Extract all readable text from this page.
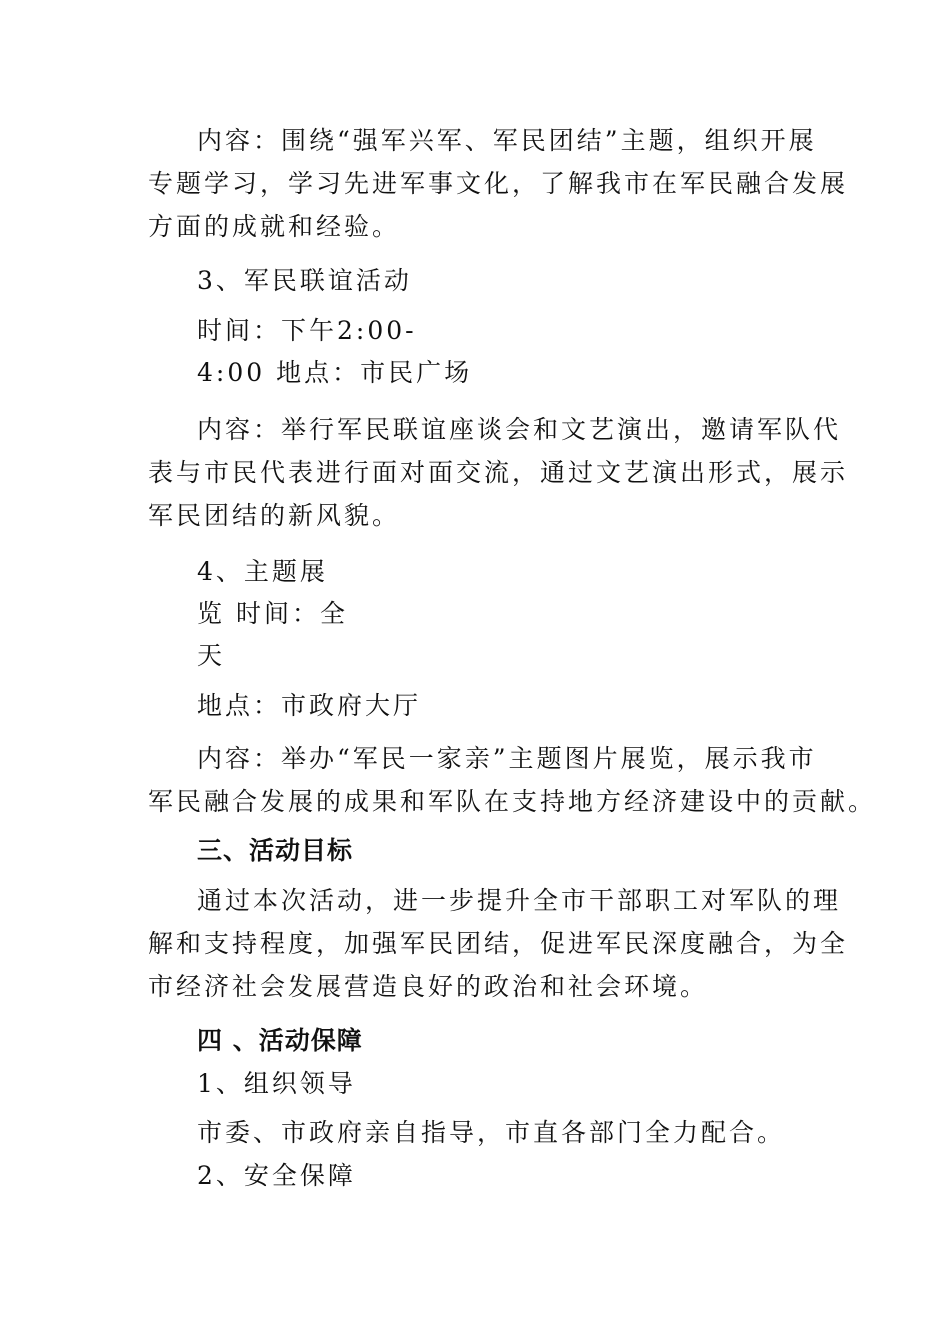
内容：围绕“强军兴军、军民团结”主题，组织开展
专题学习，学习先进军事文化，了解我市在军民融合发展
方面的成就和经验。
3、军民联谊活动
时间：下午2:00-
4:00 地点：市民广场
内容：举行军民联谊座谈会和文艺演出，邀请军队代
表与市民代表进行面对面交流，通过文艺演出形式，展示
军民团结的新风貌。
4、主题展
览 时间：全
天
地点：市政府大厅
内容：举办“军民一家亲”主题图片展览，展示我市
军民融合发展的成果和军队在支持地方经济建设中的贡献。
三、活动目标
通过本次活动，进一步提升全市干部职工对军队的理
解和支持程度，加强军民团结，促进军民深度融合，为全
市经济社会发展营造良好的政治和社会环境。
四 、活动保障
1、组织领导
市委、市政府亲自指导，市直各部门全力配合。
2、安全保障
